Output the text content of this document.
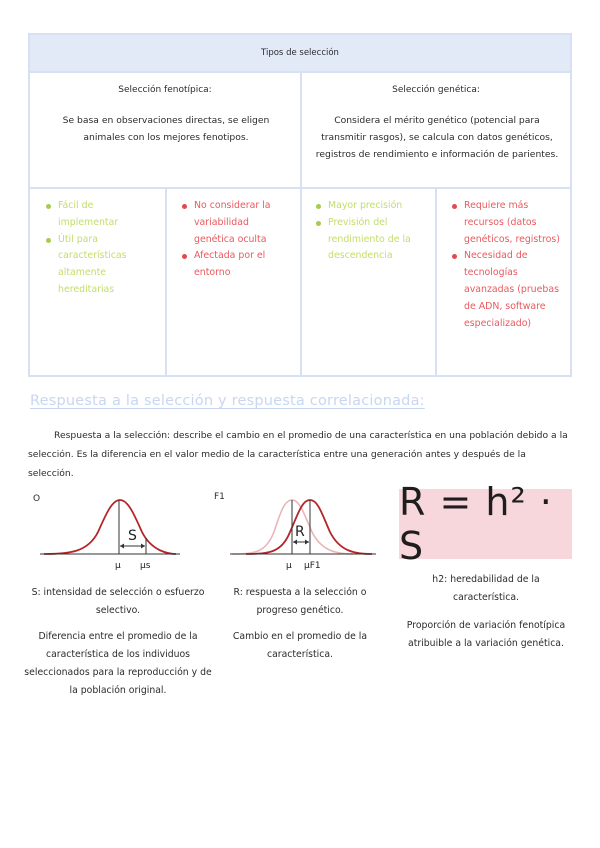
Tipos de selección
Selección fenotípica:
Se basa en observaciones directas, se eligen animales con los mejores fenotipos.
Selección genética:
Considera el mérito genético (potencial para transmitir rasgos), se calcula con datos genéticos, registros de rendimiento e información de parientes.
Fácil de implementar
Útil para características altamente hereditarias
No considerar la variabilidad genética oculta
Afectada por el entorno
Mayor precisión
Previsión del rendimiento de la descendencia
Requiere más recursos (datos genéticos, registros)
Necesidad de tecnologías avanzadas (pruebas de ADN, software especializado)
Respuesta a la selección y respuesta correlacionada:
Respuesta a la selección: describe el cambio en el promedio de una característica en una población debido a la selección. Es la diferencia en el valor medio de la característica entre una generación antes y después de la selección.
O
S
μ μs
S: intensidad de selección o esfuerzo selectivo.
Diferencia entre el promedio de la característica de los individuos seleccionados para la reproducción y de la población original.
F1
R
μ μF1
R: respuesta a la selección o progreso genético.
Cambio en el promedio de la característica.
R = h² · S
h2: heredabilidad de la característica.
Proporción de variación fenotípica atribuible a la variación genética.
